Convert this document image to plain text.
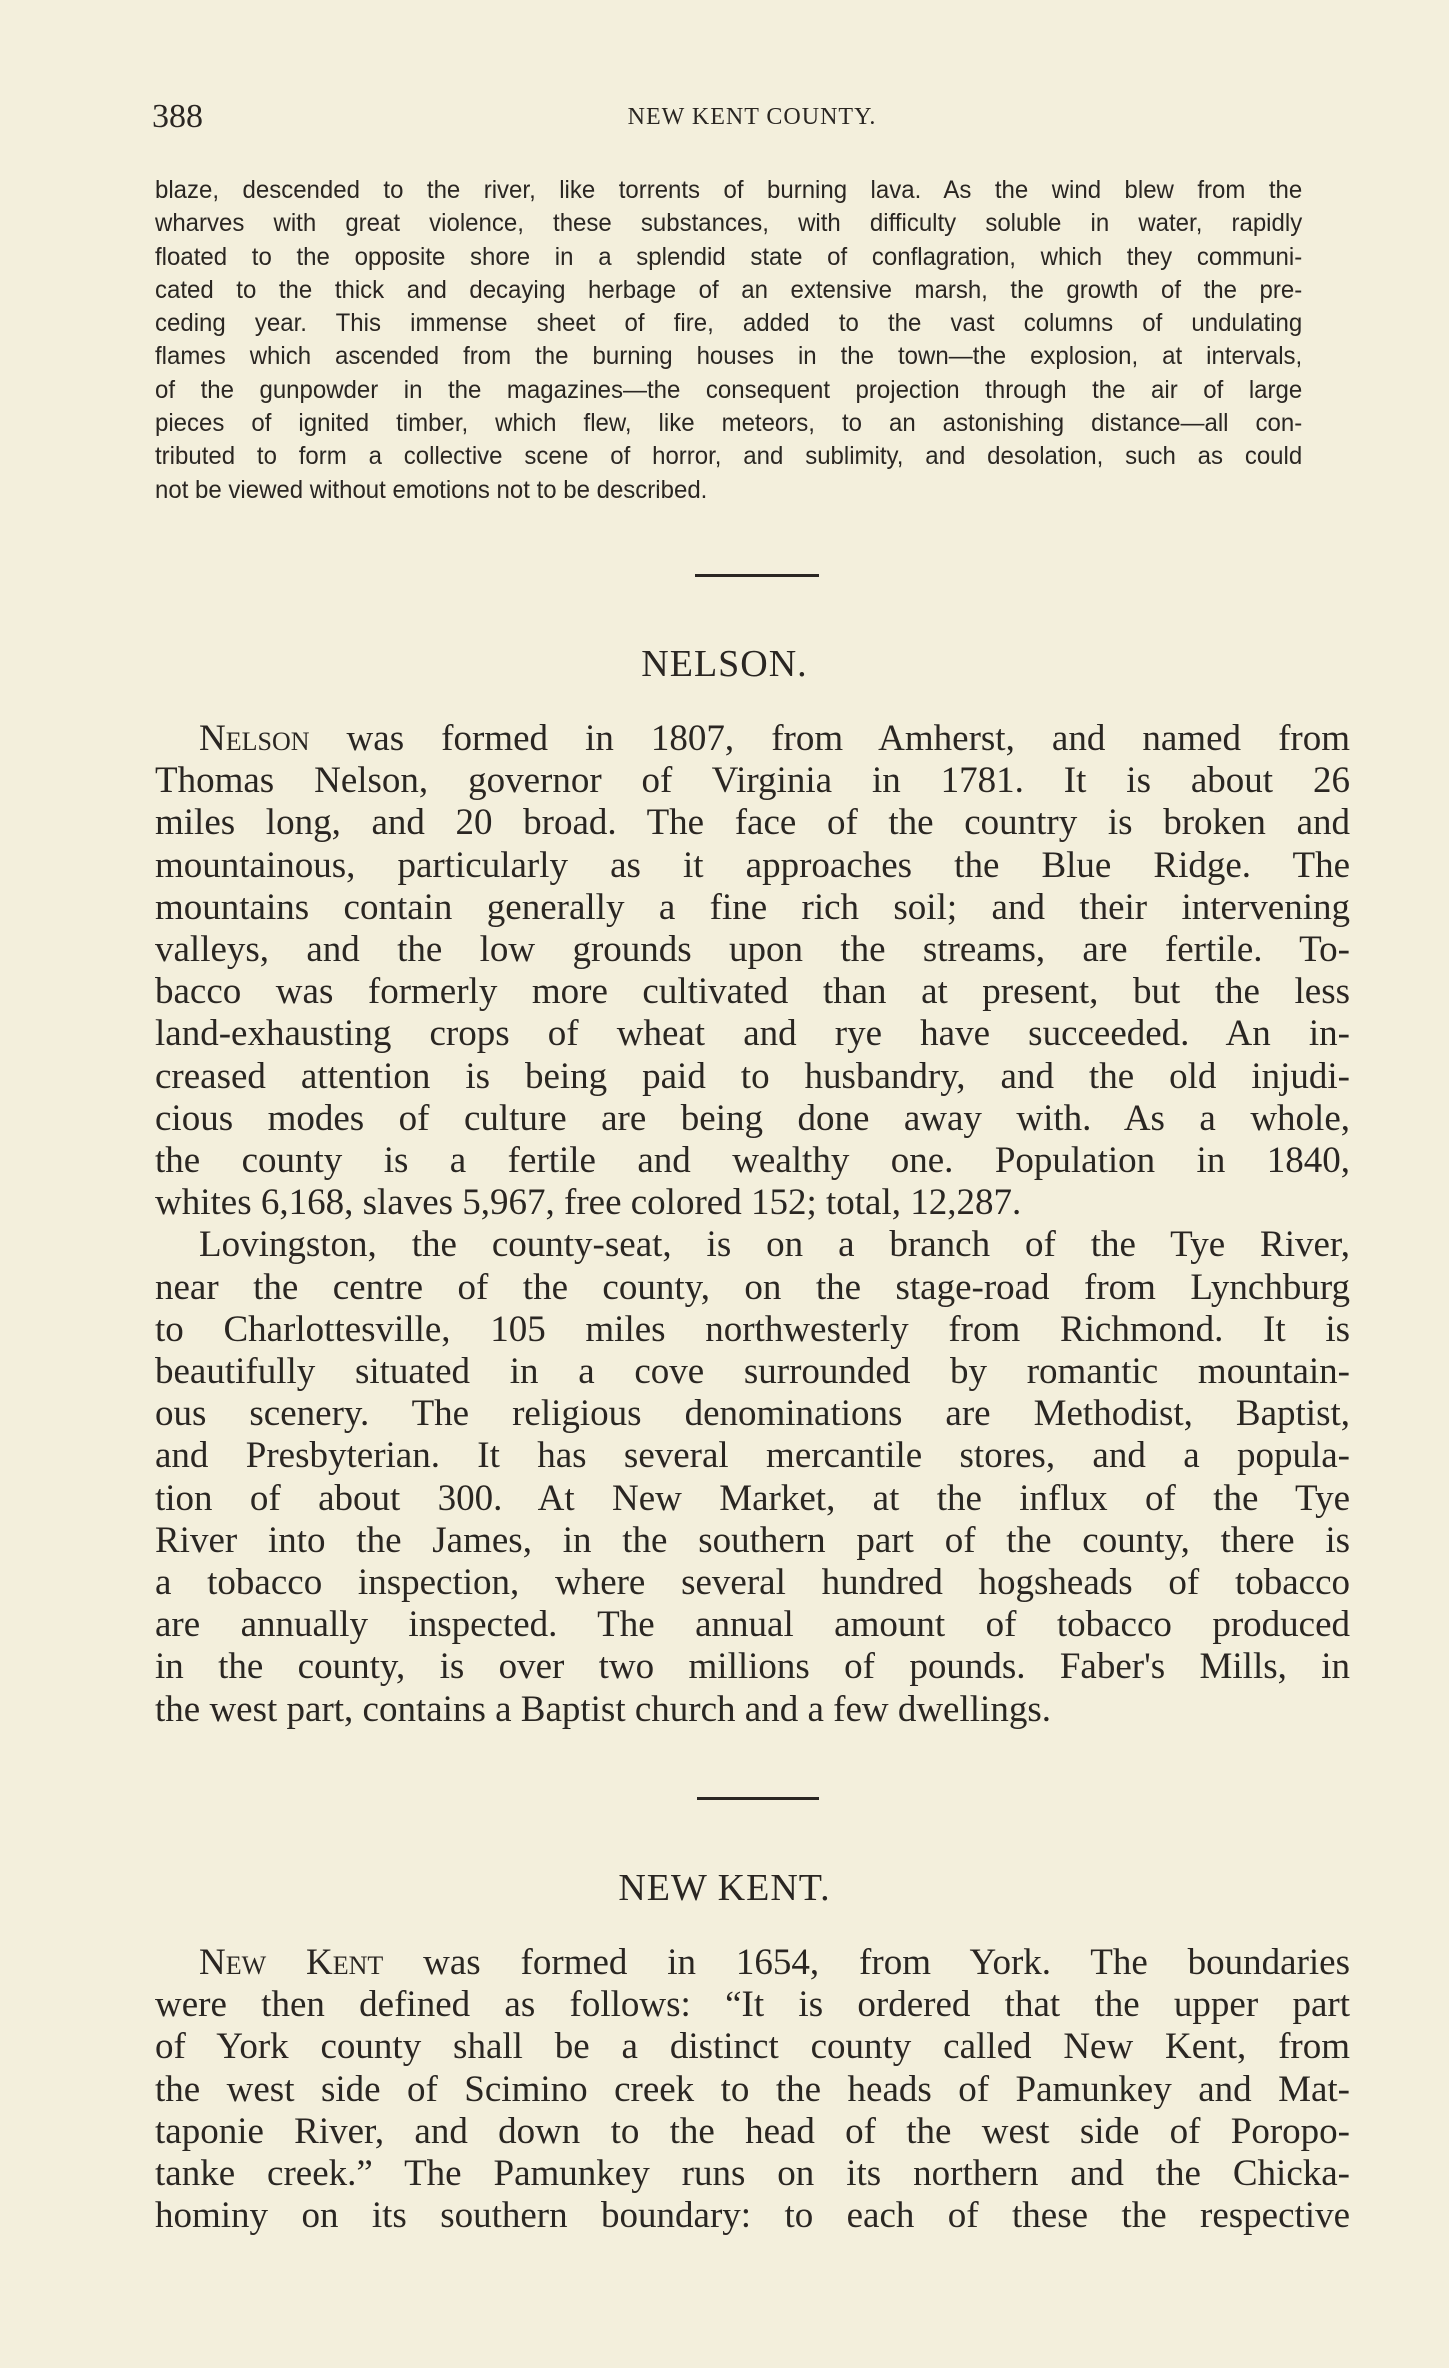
388	NEW KENT COUNTY.
blaze, descended to the river, like torrents of burning lava. As the wind blew from the
wharves with great violence, these substances, with difficulty soluble in water, rapidly
floated to the opposite shore in a splendid state of conflagration, which they communi-
cated to the thick and decaying herbage of an extensive marsh, the growth of the pre-
ceding year. This immense sheet of fire, added to the vast columns of undulating
flames which ascended from the burning houses in the town—the explosion, at intervals,
of the gunpowder in the magazines—the consequent projection through the air of large
pieces of ignited timber, which flew, like meteors, to an astonishing distance—all con-
tributed to form a collective scene of horror, and sublimity, and desolation, such as could
not be viewed without emotions not to be described.
NELSON.
Nelson was formed in 1807, from Amherst, and named from
Thomas Nelson, governor of Virginia in 1781. It is about 26
miles long, and 20 broad. The face of the country is broken and
mountainous, particularly as it approaches the Blue Ridge. The
mountains contain generally a fine rich soil; and their intervening
valleys, and the low grounds upon the streams, are fertile. To-
bacco was formerly more cultivated than at present, but the less
land-exhausting crops of wheat and rye have succeeded. An in-
creased attention is being paid to husbandry, and the old injudi-
cious modes of culture are being done away with. As a whole,
the county is a fertile and wealthy one. Population in 1840,
whites 6,168, slaves 5,967, free colored 152; total, 12,287.
Lovingston, the county-seat, is on a branch of the Tye River,
near the centre of the county, on the stage-road from Lynchburg
to Charlottesville, 105 miles northwesterly from Richmond. It is
beautifully situated in a cove surrounded by romantic mountain-
ous scenery. The religious denominations are Methodist, Baptist,
and Presbyterian. It has several mercantile stores, and a popula-
tion of about 300. At New Market, at the influx of the Tye
River into the James, in the southern part of the county, there is
a tobacco inspection, where several hundred hogsheads of tobacco
are annually inspected. The annual amount of tobacco produced
in the county, is over two millions of pounds. Faber's Mills, in
the west part, contains a Baptist church and a few dwellings.
NEW KENT.
New Kent was formed in 1654, from York. The boundaries
were then defined as follows: “It is ordered that the upper part
of York county shall be a distinct county called New Kent, from
the west side of Scimino creek to the heads of Pamunkey and Mat-
taponie River, and down to the head of the west side of Poropo-
tanke creek.” The Pamunkey runs on its northern and the Chicka-
hominy on its southern boundary: to each of these the respective
